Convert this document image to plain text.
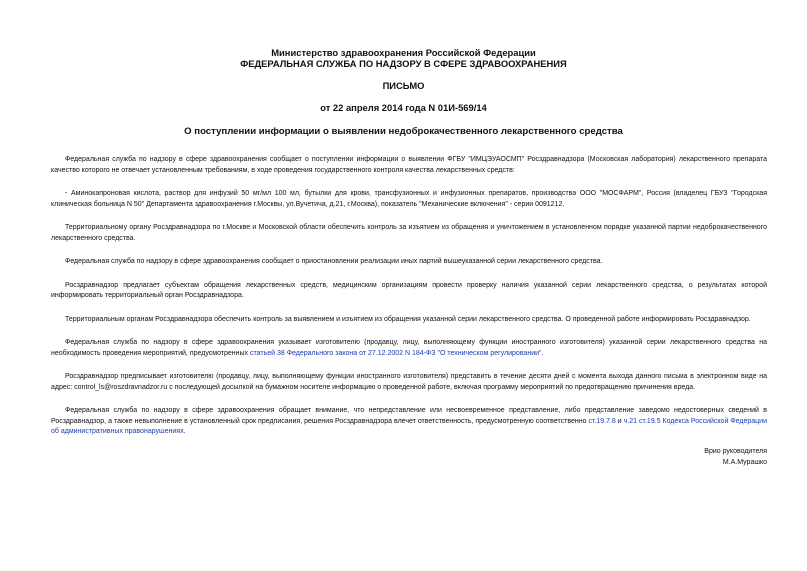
Министерство здравоохранения Российской Федерации
ФЕДЕРАЛЬНАЯ СЛУЖБА ПО НАДЗОРУ В СФЕРЕ ЗДРАВООХРАНЕНИЯ
ПИСЬМО
от 22 апреля 2014 года N 01И-569/14
О поступлении информации о выявлении недоброкачественного лекарственного средства

Федеральная служба по надзору в сфере здравоохранения сообщает о поступлении информации о выявлении ФГБУ "ИМЦЭУАОСМП" Росздравнадзора (Московская лаборатория) лекарственного препарата качество которого не отвечает установленным требованиям, в ходе проведения государственного контроля качества лекарственных средств:

- Аминокапроновая кислота, раствор для инфузий 50 мг/мл 100 мл, бутылки для крови, трансфузионных и инфузионных препаратов, производства ООО "МОСФАРМ", Россия (владелец ГБУЗ "Городская клиническая больница N 50" Департамента здравоохранения г.Москвы, ул.Вучетича, д.21, г.Москва), показатель "Механические включения" - серии 0091212.

Территориальному органу Росздравнадзора по г.Москве и Московской области обеспечить контроль за изъятием из обращения и уничтожением в установленном порядке указанной партии недоброкачественного лекарственного средства.

Федеральная служба по надзору в сфере здравоохранения сообщает о приостановлении реализации иных партий вышеуказанной серии лекарственного средства.

Росздравнадзор предлагает субъектам обращения лекарственных средств, медицинским организациям провести проверку наличия указанной серии лекарственного средства, о результатах которой информировать территориальный орган Росздравнадзора.

Территориальным органам Росздравнадзора обеспечить контроль за выявлением и изъятием из обращения указанной серии лекарственного средства. О проведенной работе информировать Росздравнадзор.

Федеральная служба по надзору в сфере здравоохранения указывает изготовителю (продавцу, лицу, выполняющему функции иностранного изготовителя) указанной серии лекарственного средства на необходимость проведения мероприятий, предусмотренных статьей 38 Федерального закона от 27.12.2002 N 184-ФЗ "О техническом регулировании".

Росздравнадзор предписывает изготовителю (продавцу, лицу, выполняющему функции иностранного изготовителя) представить в течение десяти дней с момента выхода данного письма в электронном виде на адрес: control_ls@roszdravnadzor.ru с последующей досылкой на бумажном носителе информацию о проведенной работе, включая программу мероприятий по предотвращению причинения вреда.

Федеральная служба по надзору в сфере здравоохранения обращает внимание, что непредставление или несвоевременное представление, либо представление заведомо недостоверных сведений в Росздравнадзор, а также невыполнение в установленный срок предписания, решения Росздравнадзора влечет ответственность, предусмотренную соответственно ст.19.7.8 и ч.21 ст.19.5 Кодекса Российской Федерации об административных правонарушениях.

Врио руководителя
М.А.Мурашко
